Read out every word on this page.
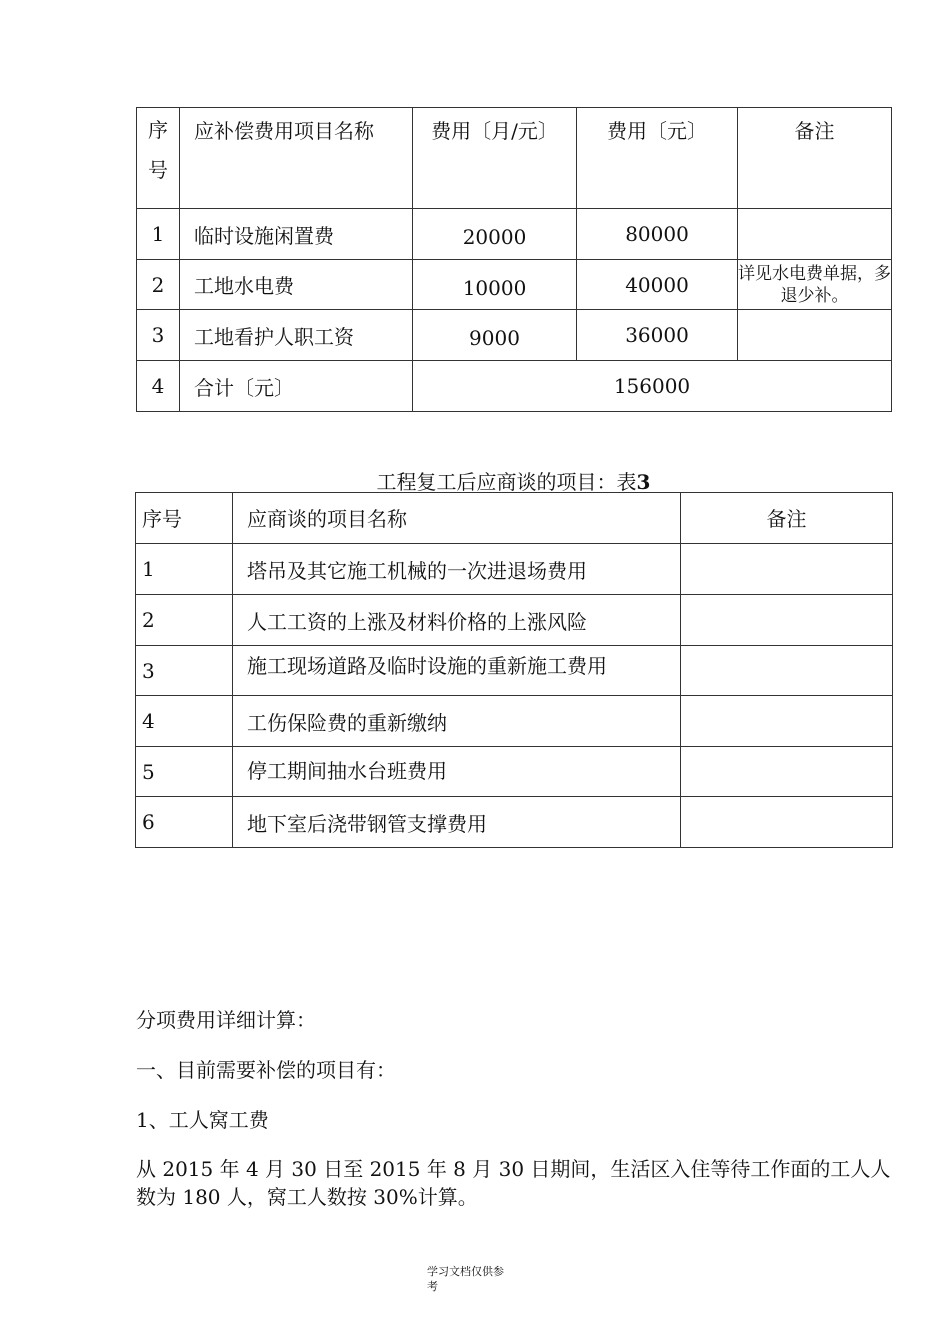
序
号	应补偿费用项目名称	费用〔月/元〕	费用〔元〕	备注
1	临时设施闲置费	20000	80000	
2	工地水电费	10000	40000	详见水电费单据，多退少补。
3	工地看护人职工资	9000	36000	
4	合计〔元〕	156000		
工程复工后应商谈的项目：表3
序号	应商谈的项目名称	备注
1	塔吊及其它施工机械的一次进退场费用	
2	人工工资的上涨及材料价格的上涨风险	
3	施工现场道路及临时设施的重新施工费用	
4	工伤保险费的重新缴纳	
5	停工期间抽水台班费用	
6	地下室后浇带钢管支撑费用	
分项费用详细计算：
一、目前需要补偿的项目有：
1、工人窝工费
从 2015 年 4 月 30 日至 2015 年 8 月 30 日期间，生活区入住等待工作面的工人人数为 180 人，窝工人数按 30%计算。
学习文档仅供参
考
